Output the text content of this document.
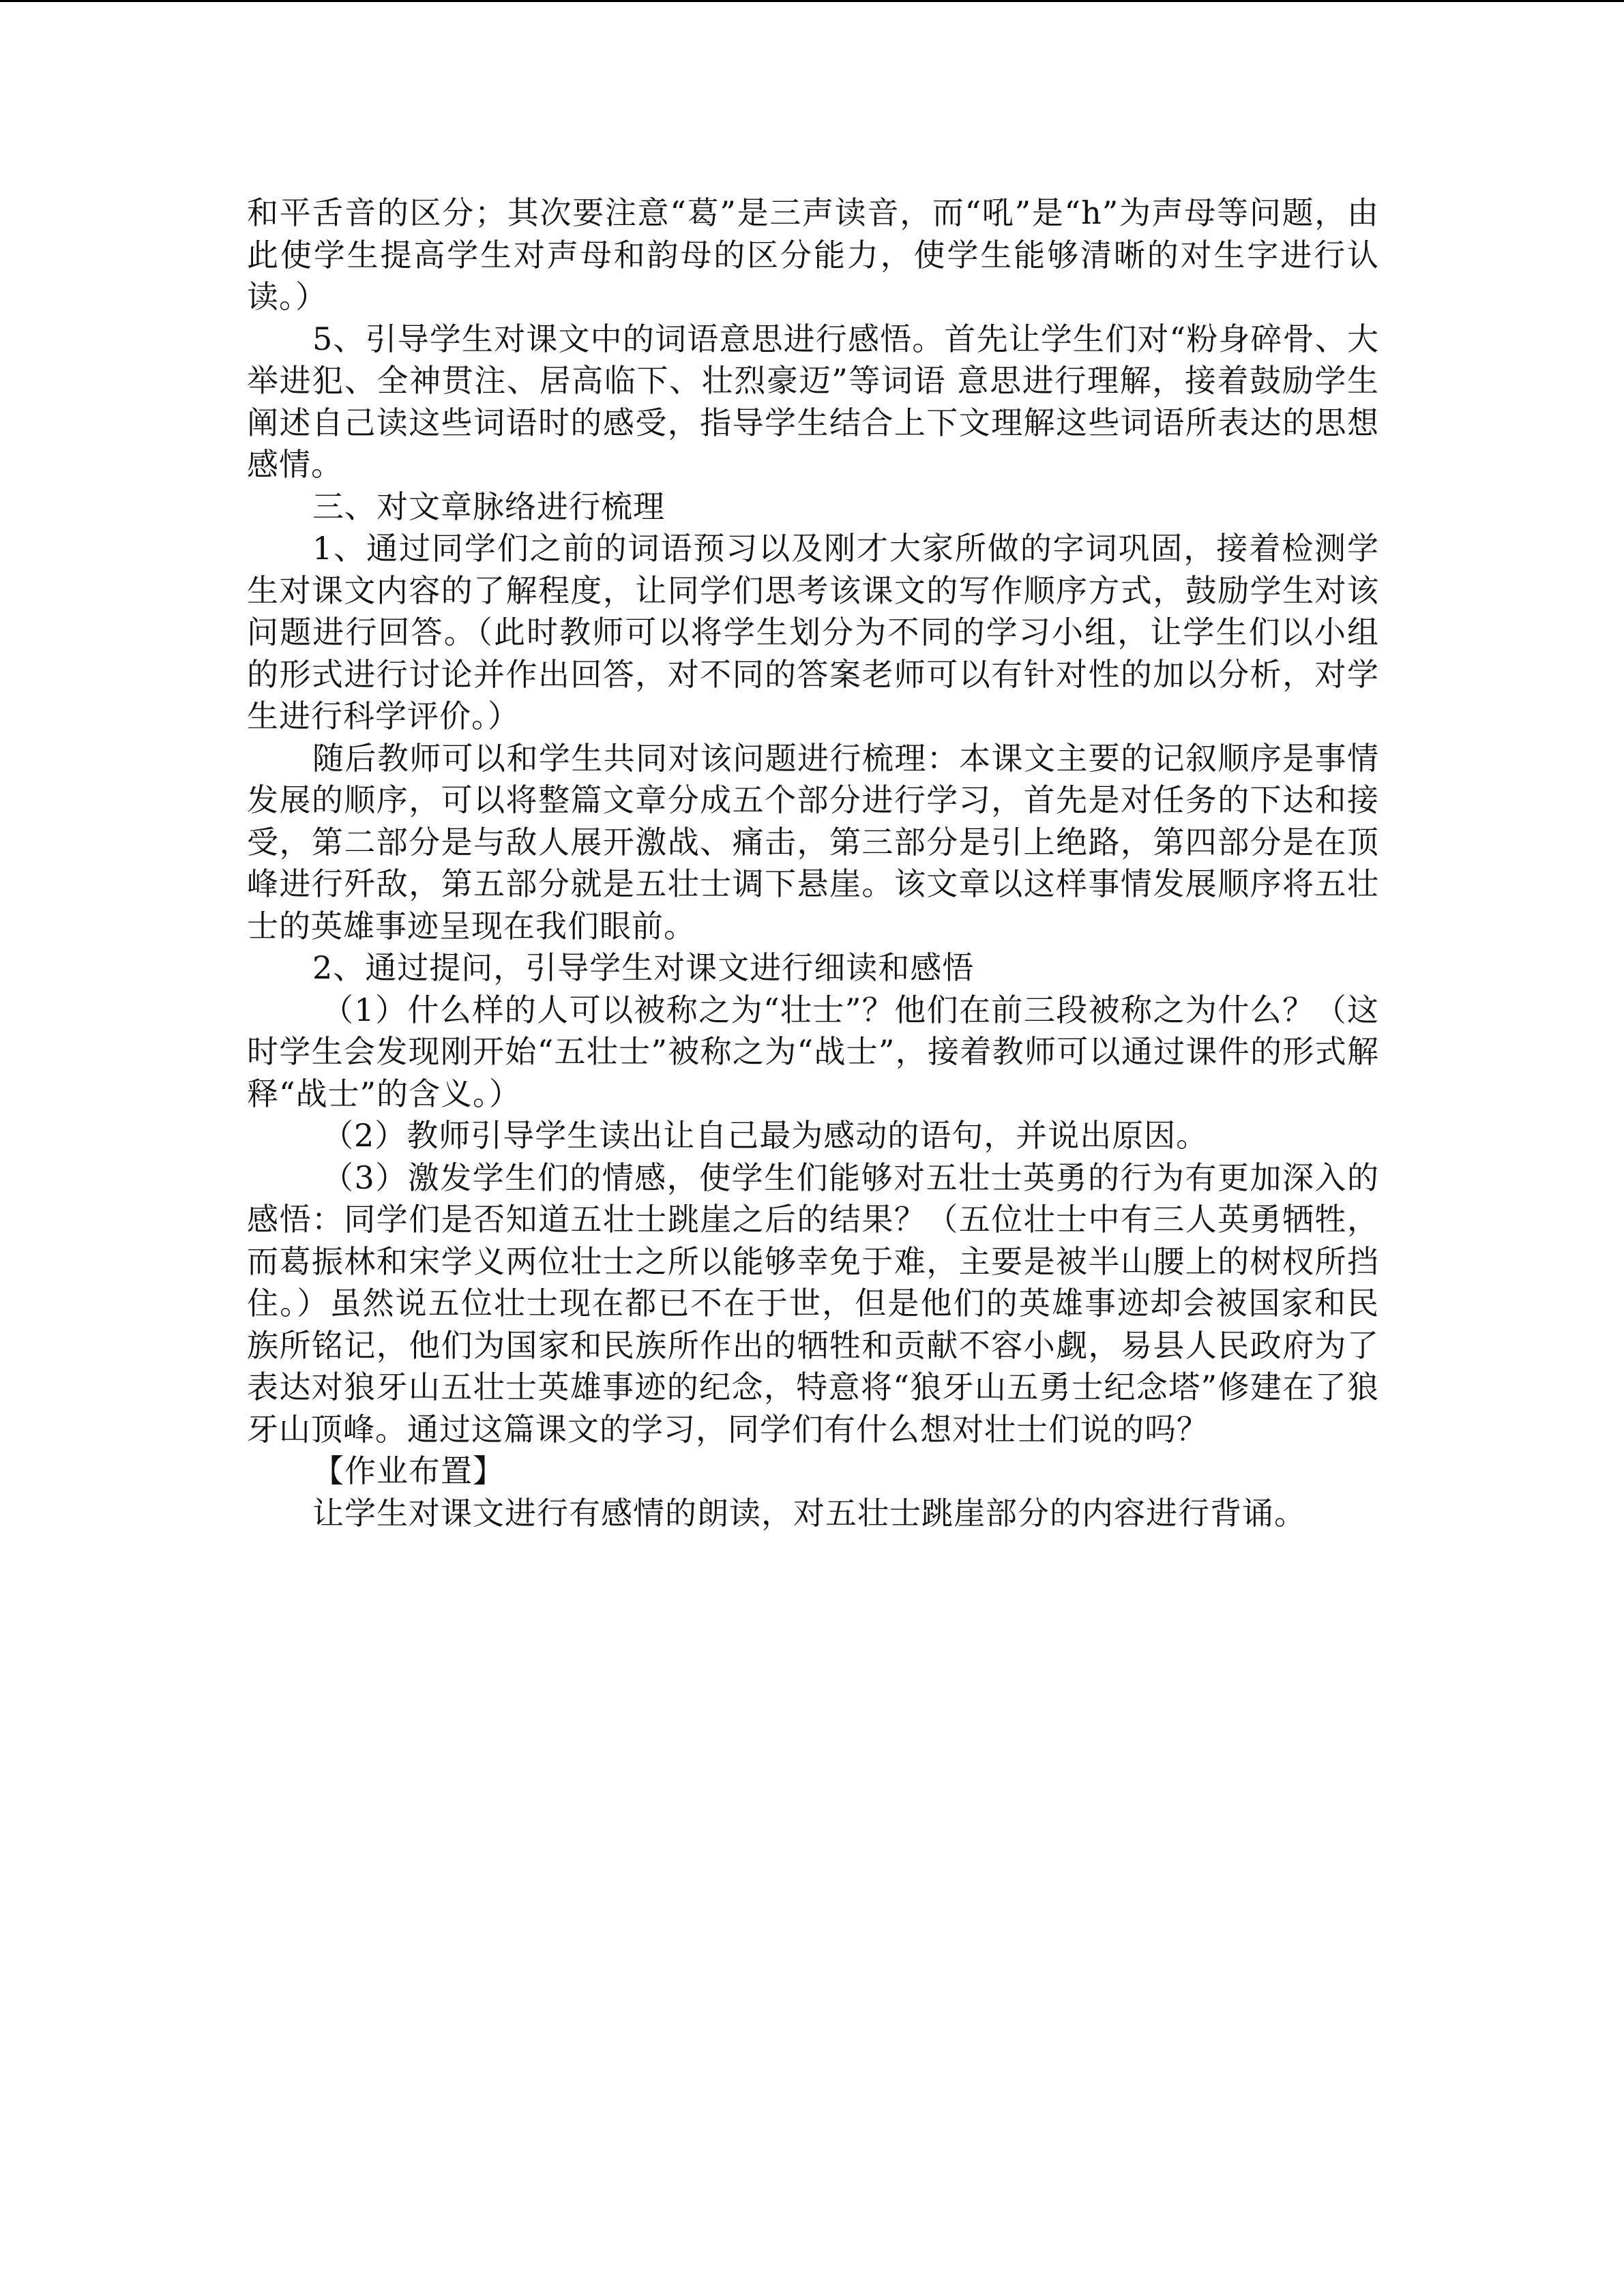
和平舌音的区分；其次要注意“葛”是三声读音，而“吼”是“h”为声母等问题，由此使学生提高学生对声母和韵母的区分能力，使学生能够清晰的对生字进行认读。）

5、引导学生对课文中的词语意思进行感悟。首先让学生们对“粉身碎骨、大举进犯、全神贯注、居高临下、壮烈豪迈”等词语 意思进行理解，接着鼓励学生阐述自己读这些词语时的感受，指导学生结合上下文理解这些词语所表达的思想感情。

三、对文章脉络进行梳理

1、通过同学们之前的词语预习以及刚才大家所做的字词巩固，接着检测学生对课文内容的了解程度，让同学们思考该课文的写作顺序方式，鼓励学生对该问题进行回答。（此时教师可以将学生划分为不同的学习小组，让学生们以小组的形式进行讨论并作出回答，对不同的答案老师可以有针对性的加以分析，对学生进行科学评价。）

随后教师可以和学生共同对该问题进行梳理：本课文主要的记叙顺序是事情发展的顺序，可以将整篇文章分成五个部分进行学习，首先是对任务的下达和接受，第二部分是与敌人展开激战、痛击，第三部分是引上绝路，第四部分是在顶峰进行歼敌，第五部分就是五壮士调下悬崖。该文章以这样事情发展顺序将五壮士的英雄事迹呈现在我们眼前。

2、通过提问，引导学生对课文进行细读和感悟

（1）什么样的人可以被称之为“壮士”？他们在前三段被称之为什么？（这时学生会发现刚开始“五壮士”被称之为“战士”，接着教师可以通过课件的形式解释“战士”的含义。）

（2）教师引导学生读出让自己最为感动的语句，并说出原因。

（3）激发学生们的情感，使学生们能够对五壮士英勇的行为有更加深入的感悟：同学们是否知道五壮士跳崖之后的结果？（五位壮士中有三人英勇牺牲，而葛振林和宋学义两位壮士之所以能够幸免于难，主要是被半山腰上的树杈所挡住。）虽然说五位壮士现在都已不在于世，但是他们的英雄事迹却会被国家和民族所铭记，他们为国家和民族所作出的牺牲和贡献不容小觑，易县人民政府为了表达对狼牙山五壮士英雄事迹的纪念，特意将“狼牙山五勇士纪念塔”修建在了狼牙山顶峰。通过这篇课文的学习，同学们有什么想对壮士们说的吗？

【作业布置】

让学生对课文进行有感情的朗读，对五壮士跳崖部分的内容进行背诵。
